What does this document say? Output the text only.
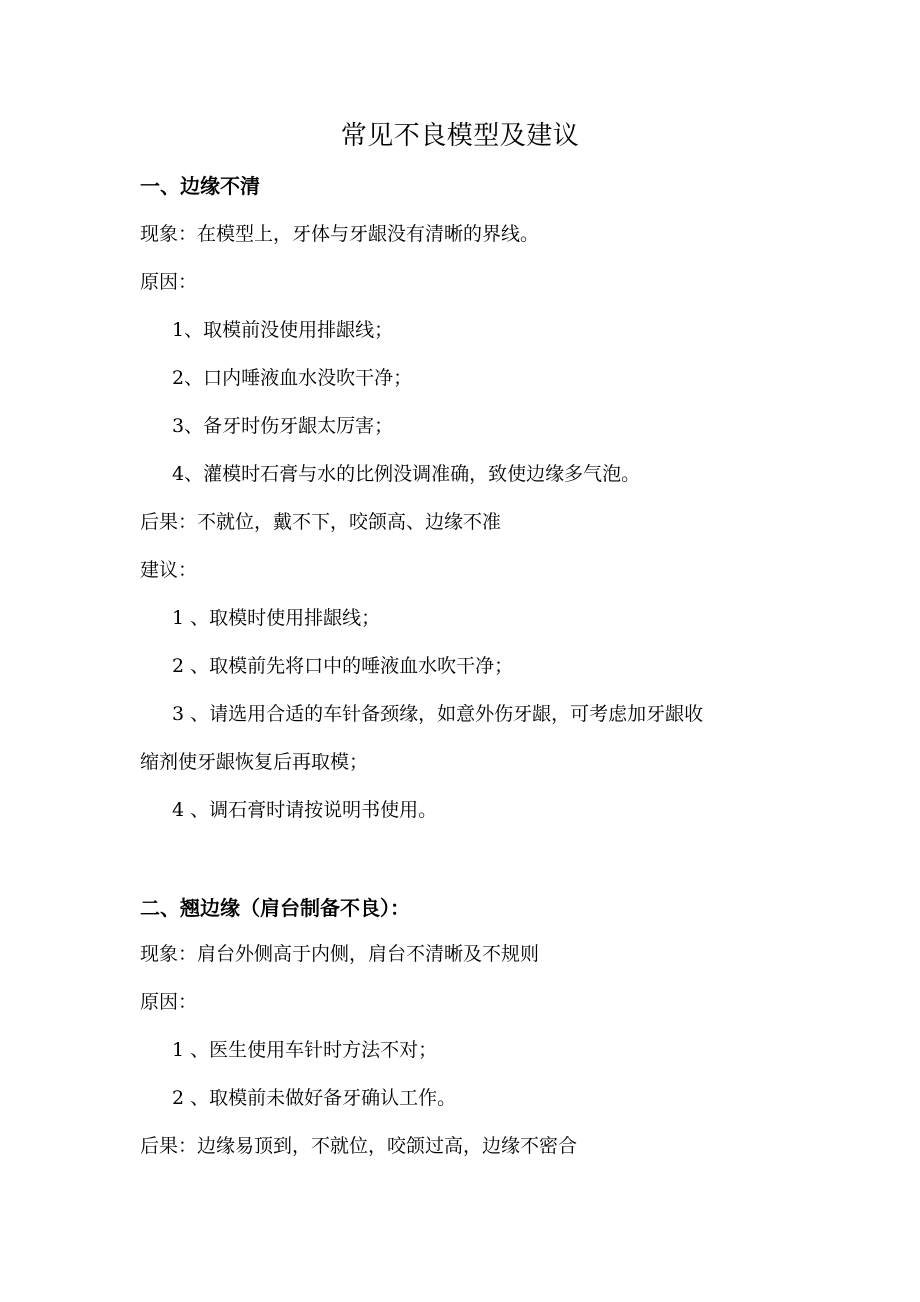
常见不良模型及建议
一、边缘不清
现象：在模型上，牙体与牙龈没有清晰的界线。
原因：
1、取模前没使用排龈线；
2、口内唾液血水没吹干净；
3、备牙时伤牙龈太厉害；
4、灌模时石膏与水的比例没调准确，致使边缘多气泡。
后果：不就位，戴不下，咬颌高、边缘不准
建议：
1 、取模时使用排龈线；
2 、取模前先将口中的唾液血水吹干净；
3 、请选用合适的车针备颈缘，如意外伤牙龈，可考虑加牙龈收
缩剂使牙龈恢复后再取模；
4 、调石膏时请按说明书使用。
二、翘边缘（肩台制备不良）：
现象：肩台外侧高于内侧，肩台不清晰及不规则
原因：
1 、医生使用车针时方法不对；
2 、取模前未做好备牙确认工作。
后果：边缘易顶到，不就位，咬颌过高，边缘不密合
